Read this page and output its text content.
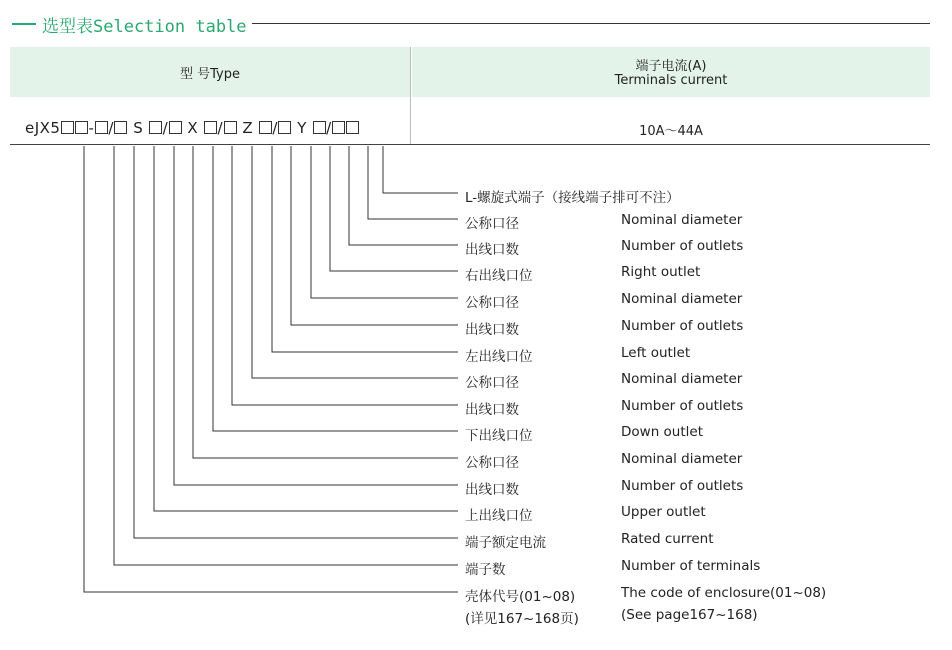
选型表Selection table
型 号Type
端子电流(A)
Terminals current
eJX5 - / S / X / Z / Y /	10A～44A
L-螺旋式端子（接线端子排可不注）
公称口径	Nominal diameter
出线口数	Number of outlets
右出线口位	Right outlet
公称口径	Nominal diameter
出线口数	Number of outlets
左出线口位	Left outlet
公称口径	Nominal diameter
出线口数	Number of outlets
下出线口位	Down outlet
公称口径	Nominal diameter
出线口数	Number of outlets
上出线口位	Upper outlet
端子额定电流	Rated current
端子数	Number of terminals
壳体代号(01~08)	The code of enclosure(01~08)
(详见167~168页)	(See page167~168)
